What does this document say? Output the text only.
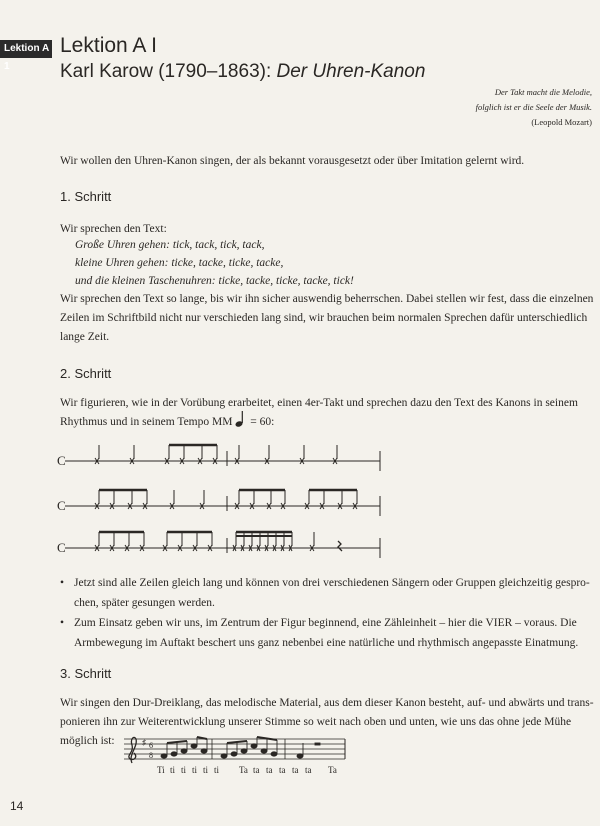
Lektion A 1
Lektion A I
Karl Karow (1790–1863): Der Uhren-Kanon
Der Takt macht die Melodie,
folglich ist er die Seele der Musik.
(Leopold Mozart)
Wir wollen den Uhren-Kanon singen, der als bekannt vorausgesetzt oder über Imitation gelernt wird.
1. Schritt
Wir sprechen den Text:
Große Uhren gehen: tick, tack, tick, tack,
kleine Uhren gehen: ticke, tacke, ticke, tacke,
und die kleinen Taschenuhren: ticke, tacke, ticke, tacke, tick!
Wir sprechen den Text so lange, bis wir ihn sicher auswendig beherrschen. Dabei stellen wir fest, dass die einzelnen
Zeilen im Schriftbild nicht nur verschieden lang sind, wir brauchen beim normalen Sprechen dafür unterschiedlich
lange Zeit.
2. Schritt
Wir figurieren, wie in der Vorübung erarbeitet, einen 4er-Takt und sprechen dazu den Text des Kanons in seinem
Rhythmus und in seinem Tempo MM = 60:
C
C
C
• Jetzt sind alle Zeilen gleich lang und können von drei verschiedenen Sängern oder Gruppen gleichzeitig gespro-
chen, später gesungen werden.
• Zum Einsatz geben wir uns, im Zentrum der Figur beginnend, eine Zähleinheit – hier die VIER – voraus. Die
Armbewegung im Auftakt beschert uns ganz nebenbei eine natürliche und rhythmisch angepasste Einatmung.
3. Schritt
Wir singen den Dur-Dreiklang, das melodische Material, aus dem dieser Kanon besteht, auf- und abwärts und trans-
ponieren ihn zur Weiterentwicklung unserer Stimme so weit nach oben und unten, wie uns das ohne jede Mühe
möglich ist:	♯ 6
8
Ti ti ti ti ti ti Ta ta ta ta ta ta Ta
14
